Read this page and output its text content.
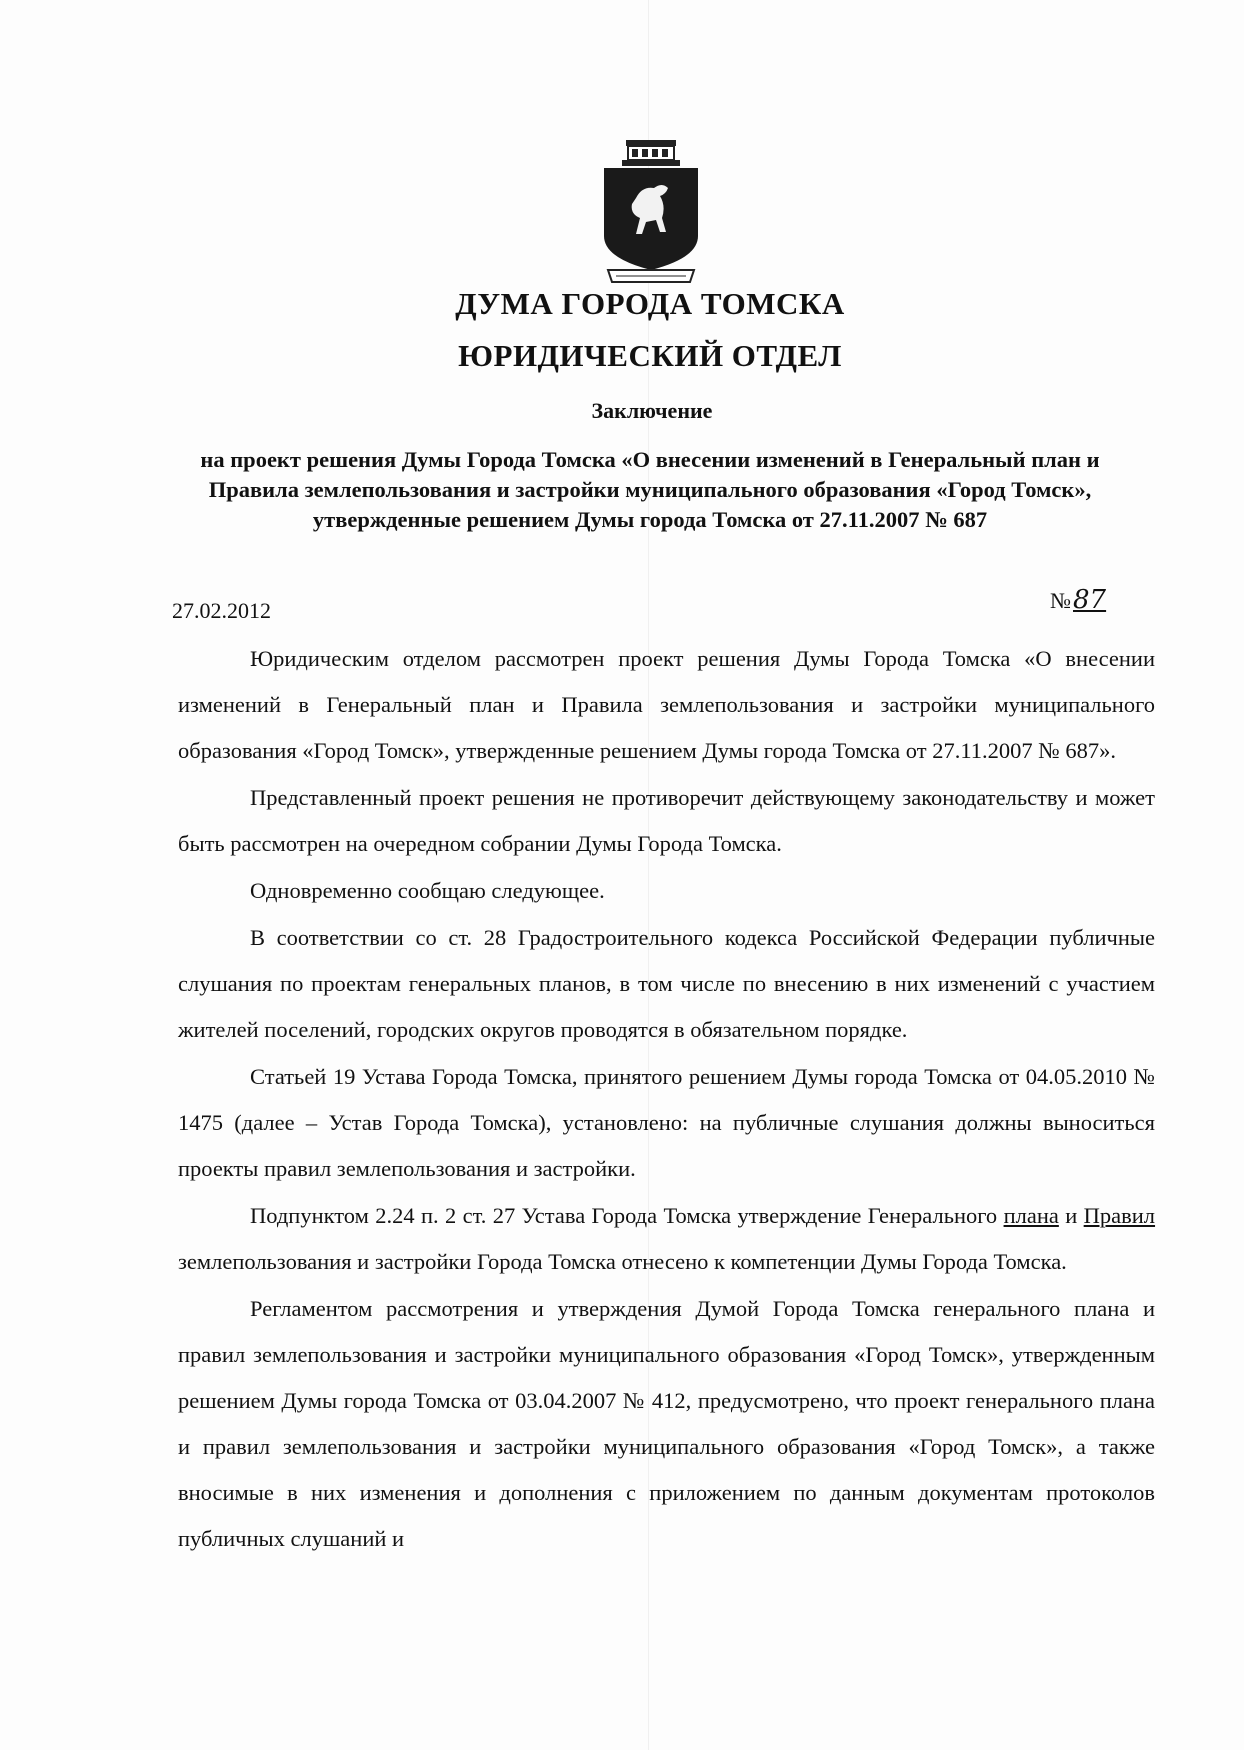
ДУМА ГОРОДА ТОМСКА
ЮРИДИЧЕСКИЙ ОТДЕЛ
Заключение
на проект решения Думы Города Томска «О внесении изменений в Генеральный план и Правила землепользования и застройки муниципального образования «Город Томск», утвержденные решением Думы города Томска от 27.11.2007 № 687
27.02.2012	№87

Юридическим отделом рассмотрен проект решения Думы Города Томска «О внесении изменений в Генеральный план и Правила землепользования и застройки муниципального образования «Город Томск», утвержденные решением Думы города Томска от 27.11.2007 № 687».

Представленный проект решения не противоречит действующему законодательству и может быть рассмотрен на очередном собрании Думы Города Томска.

Одновременно сообщаю следующее.

В соответствии со ст. 28 Градостроительного кодекса Российской Федерации публичные слушания по проектам генеральных планов, в том числе по внесению в них изменений с участием жителей поселений, городских округов проводятся в обязательном порядке.

Статьей 19 Устава Города Томска, принятого решением Думы города Томска от 04.05.2010 № 1475 (далее – Устав Города Томска), установлено: на публичные слушания должны выноситься проекты правил землепользования и застройки.

Подпунктом 2.24 п. 2 ст. 27 Устава Города Томска утверждение Генерального плана и Правил землепользования и застройки Города Томска отнесено к компетенции Думы Города Томска.

Регламентом рассмотрения и утверждения Думой Города Томска генерального плана и правил землепользования и застройки муниципального образования «Город Томск», утвержденным решением Думы города Томска от 03.04.2007 № 412, предусмотрено, что проект генерального плана и правил землепользования и застройки муниципального образования «Город Томск», а также вносимые в них изменения и дополнения с приложением по данным документам протоколов публичных слушаний и
